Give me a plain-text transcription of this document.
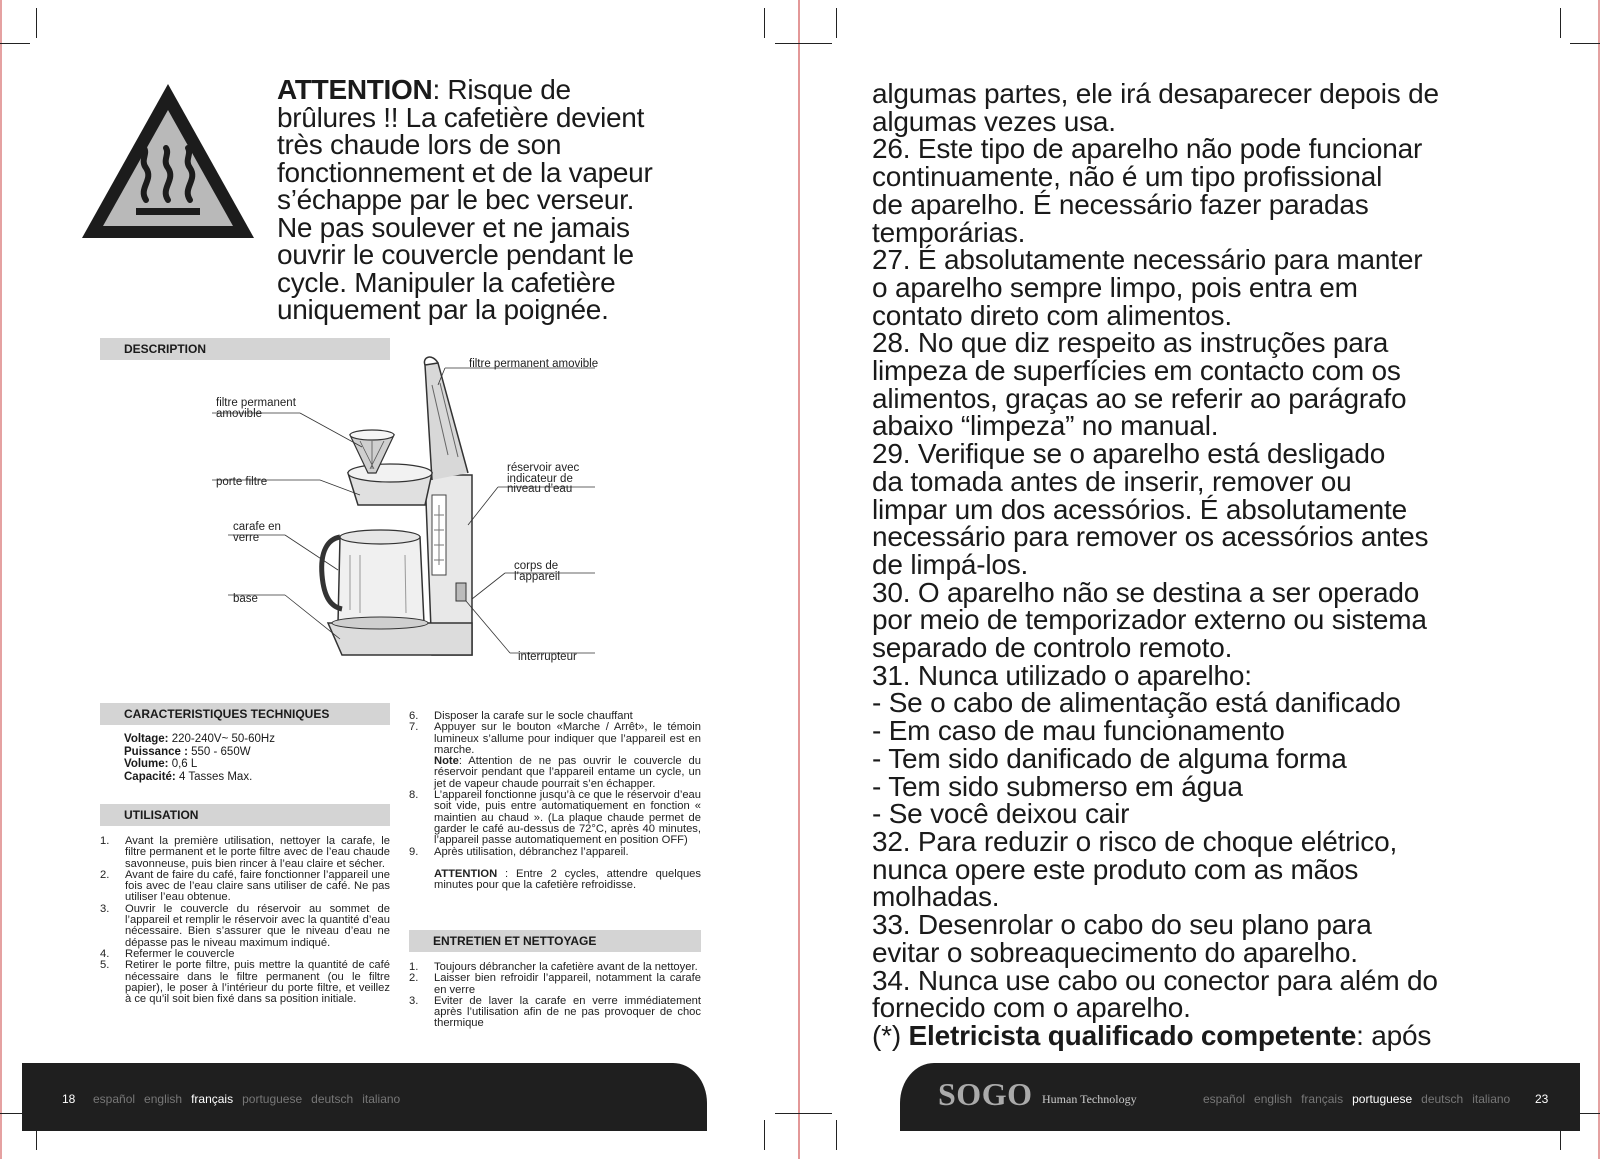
ATTENTION: Risque de
brûlures !! La cafetière devient
très chaude lors de son
fonctionnement et de la vapeur
s’échappe par le bec verseur.
Ne pas soulever et ne jamais
ouvrir le couvercle pendant le
cycle. Manipuler la cafetière
uniquement par la poignée.
DESCRIPTION
filtre permanent amovible
filtre permanent
amovible
porte filtre
réservoir avec
indicateur de
niveau d’eau
carafe en
verre
corps de
l’appareil
base
interrupteur
CARACTERISTIQUES TECHNIQUES
Voltage: 220-240V~ 50-60Hz
Puissance : 550 - 650W
Volume: 0,6 L
Capacité: 4 Tasses Max.
UTILISATION
1. Avant la première utilisation, nettoyer la carafe, le filtre permanent et le porte filtre avec de l’eau chaude savonneuse, puis bien rincer à l’eau claire et sécher.
2. Avant de faire du café, faire fonctionner l’appareil une fois avec de l’eau claire sans utiliser de café. Ne pas utiliser l’eau obtenue.
3. Ouvrir le couvercle du réservoir au sommet de l’appareil et remplir le réservoir avec la quantité d’eau nécessaire. Bien s’assurer que le niveau d’eau ne dépasse pas le niveau maximum indiqué.
4. Refermer le couvercle
5. Retirer le porte filtre, puis mettre la quantité de café nécessaire dans le filtre permanent (ou le filtre papier), le poser à l’intérieur du porte filtre, et veillez à ce qu’il soit bien fixé dans sa position initiale.
6. Disposer la carafe sur le socle chauffant
7. Appuyer sur le bouton «Marche / Arrêt», le témoin lumineux s’allume pour indiquer que l’appareil est en marche.
Note: Attention de ne pas ouvrir le couvercle du réservoir pendant que l’appareil entame un cycle, un jet de vapeur chaude pourrait s’en échapper.
8. L’appareil fonctionne jusqu’à ce que le réservoir d’eau soit vide, puis entre automatiquement en fonction « maintien au chaud ». (La plaque chaude permet de garder le café au-dessus de 72°C, après 40 minutes, l’appareil passe automatiquement en position OFF)
9. Après utilisation, débranchez l’appareil.
ATTENTION : Entre 2 cycles, attendre quelques minutes pour que la cafetière refroidisse.
ENTRETIEN ET NETTOYAGE
1. Toujours débrancher la cafetière avant de la nettoyer.
2. Laisser bien refroidir l’appareil, notamment la carafe en verre
3. Eviter de laver la carafe en verre immédiatement après l’utilisation afin de ne pas provoquer de choc thermique
18 español english français portuguese deutsch italiano
algumas partes, ele irá desaparecer depois de
algumas vezes usa.
26. Este tipo de aparelho não pode funcionar
continuamente, não é um tipo profissional
de aparelho. É necessário fazer paradas
temporárias.
27. É absolutamente necessário para manter
o aparelho sempre limpo, pois entra em
contato direto com alimentos.
28. No que diz respeito as instruções para
limpeza de superfícies em contacto com os
alimentos, graças ao se referir ao parágrafo
abaixo “limpeza” no manual.
29. Verifique se o aparelho está desligado
da tomada antes de inserir, remover ou
limpar um dos acessórios. É absolutamente
necessário para remover os acessórios antes
de limpá-los.
30. O aparelho não se destina a ser operado
por meio de temporizador externo ou sistema
separado de controlo remoto.
31. Nunca utilizado o aparelho:
- Se o cabo de alimentação está danificado
- Em caso de mau funcionamento
- Tem sido danificado de alguma forma
- Tem sido submerso em água
- Se você deixou cair
32. Para reduzir o risco de choque elétrico,
nunca opere este produto com as mãos
molhadas.
33. Desenrolar o cabo do seu plano para
evitar o sobreaquecimento do aparelho.
34. Nunca use cabo ou conector para além do
fornecido com o aparelho.
(*) Eletricista qualificado competente: após
SOGO Human Technology	español english français portuguese deutsch italiano 23
